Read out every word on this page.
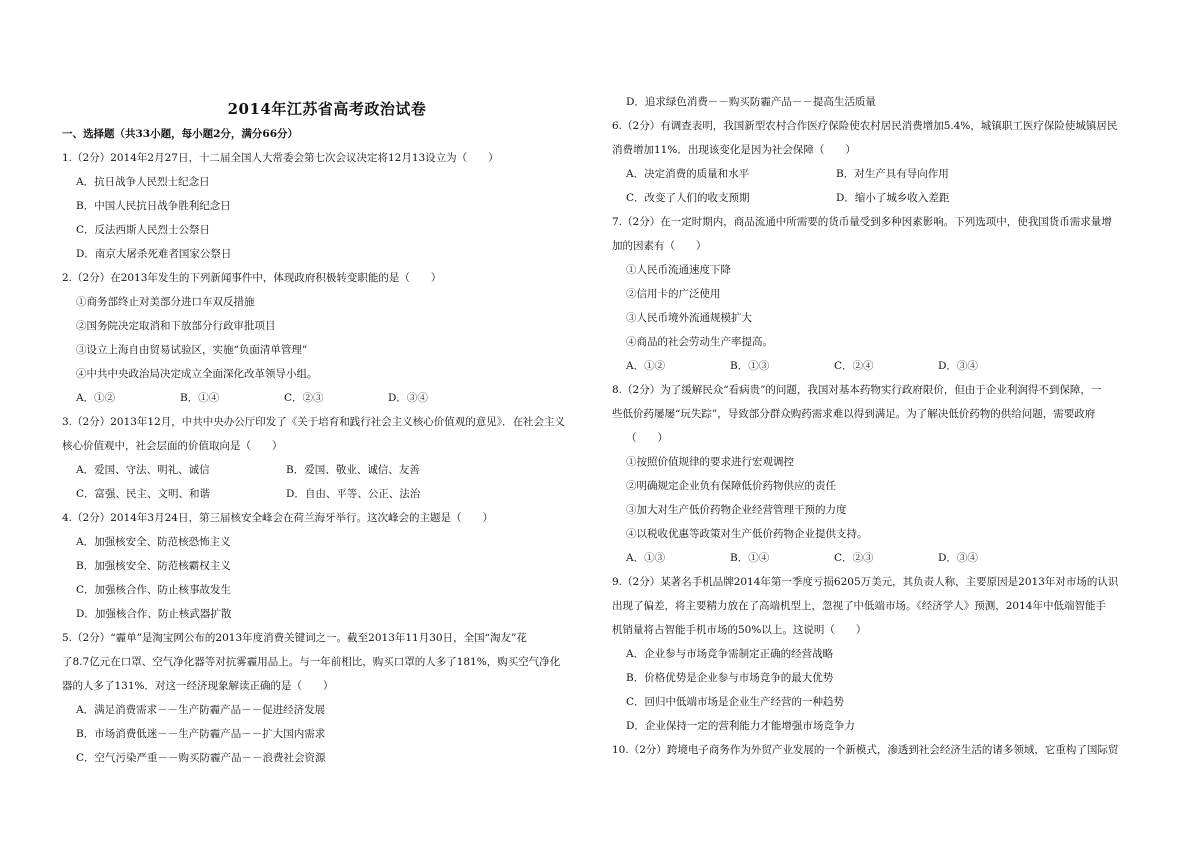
2014年江苏省高考政治试卷
一、选择题（共33小题，每小题2分，满分66分）
1.（2分）2014年2月27日，十二届全国人大常委会第七次会议决定将12月13设立为（　　）
A．抗日战争人民烈士纪念日
B．中国人民抗日战争胜利纪念日
C．反法西斯人民烈士公祭日
D．南京大屠杀死难者国家公祭日
2.（2分）在2013年发生的下列新闻事件中，体现政府积极转变职能的是（　　）
①商务部终止对美部分进口车双反措施
②国务院决定取消和下放部分行政审批项目
③设立上海自由贸易试验区，实施“负面清单管理”
④中共中央政治局决定成立全面深化改革领导小组。
A．①②	B．①④	C．②③	D．③④
3.（2分）2013年12月，中共中央办公厅印发了《关于培育和践行社会主义核心价值观的意见》．在社会主义
核心价值观中，社会层面的价值取向是（　　）
A．爱国、守法、明礼、诚信	B．爱国、敬业、诚信、友善
C．富强、民主、文明、和谐	D．自由、平等、公正、法治
4.（2分）2014年3月24日，第三届核安全峰会在荷兰海牙举行。这次峰会的主题是（　　）
A．加强核安全、防范核恐怖主义
B．加强核安全、防范核霸权主义
C．加强核合作、防止核事故发生
D．加强核合作、防止核武器扩散
5.（2分）“霾单”是淘宝网公布的2013年度消费关键词之一。截至2013年11月30日，全国“淘友”花
了8.7亿元在口罩、空气净化器等对抗雾霾用品上。与一年前相比，购买口罩的人多了181%，购买空气净化
器的人多了131%．对这一经济现象解读正确的是（　　）
A．满足消费需求－－生产防霾产品－－促进经济发展
B．市场消费低迷－－生产防霾产品－－扩大国内需求
C．空气污染严重－－购买防霾产品－－浪费社会资源
D．追求绿色消费－－购买防霾产品－－提高生活质量
6.（2分）有调查表明，我国新型农村合作医疗保险使农村居民消费增加5.4%，城镇职工医疗保险使城镇居民
消费增加11%．出现该变化是因为社会保障（　　）
A．决定消费的质量和水平	B．对生产具有导向作用
C．改变了人们的收支预期	D．缩小了城乡收入差距
7.（2分）在一定时期内，商品流通中所需要的货币量受到多种因素影响。下列选项中，使我国货币需求量增
加的因素有（　　）
①人民币流通速度下降
②信用卡的广泛使用
③人民币境外流通规模扩大
④商品的社会劳动生产率提高。
A．①②	B．①③	C．②④	D．③④
8.（2分）为了缓解民众“看病贵”的问题，我国对基本药物实行政府限价，但由于企业利润得不到保障，一
些低价药屡屡“玩失踪”，导致部分群众购药需求难以得到满足。为了解决低价药物的供给问题，需要政府
（　　）
①按照价值规律的要求进行宏观调控
②明确规定企业负有保障低价药物供应的责任
③加大对生产低价药物企业经营管理干预的力度
④以税收优惠等政策对生产低价药物企业提供支持。
A．①③	B．①④	C．②③	D．③④
9.（2分）某著名手机品牌2014年第一季度亏损6205万美元，其负责人称，主要原因是2013年对市场的认识
出现了偏差，将主要精力放在了高端机型上，忽视了中低端市场。《经济学人》预测，2014年中低端智能手
机销量将占智能手机市场的50%以上。这说明（　　）
A．企业参与市场竞争需制定正确的经营战略
B．价格优势是企业参与市场竞争的最大优势
C．回归中低端市场是企业生产经营的一种趋势
D．企业保持一定的营利能力才能增强市场竞争力
10.（2分）跨境电子商务作为外贸产业发展的一个新模式，渗透到社会经济生活的诸多领域，它重构了国际贸
